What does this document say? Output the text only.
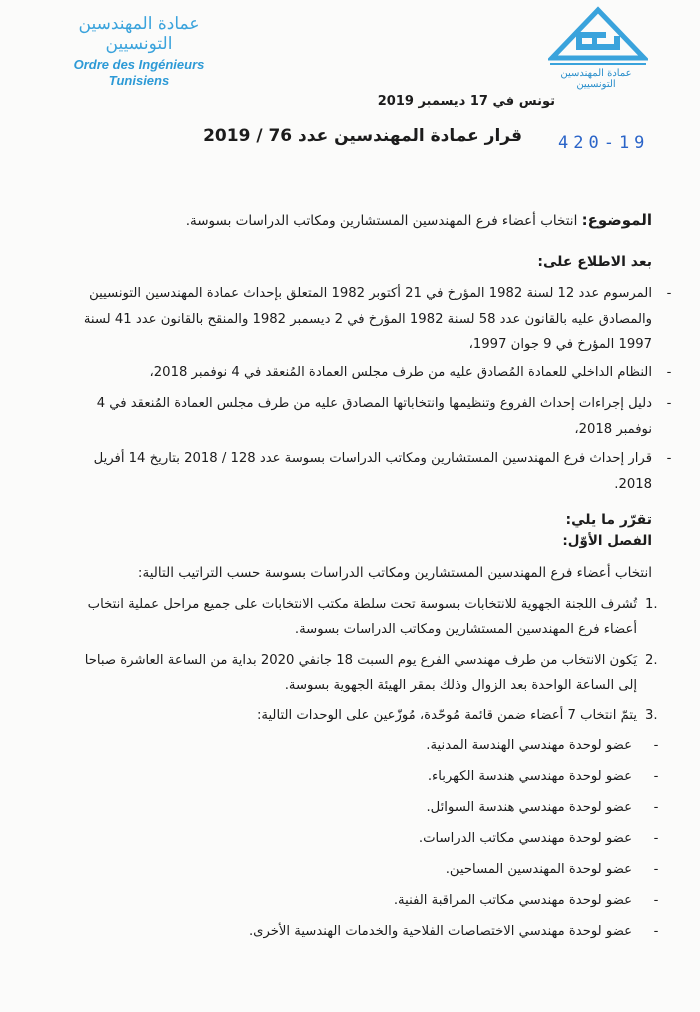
عمادة المهندسين التونسيين
Ordre des Ingénieurs Tunisiens	عمادة المهندسين التونسيين
تونس في 17 ديسمبر 2019
قرار عمادة المهندسين عدد 76 / 2019 420-19
الموضوع: انتخاب أعضاء فرع المهندسين المستشارين ومكاتب الدراسات بسوسة.
بعد الاطلاع على:
-
المرسوم عدد 12 لسنة 1982 المؤرخ في 21 أكتوبر 1982 المتعلق بإحداث عمادة المهندسين التونسيين والمصادق عليه بالقانون عدد 58 لسنة 1982 المؤرخ في 2 ديسمبر 1982 والمنقح بالقانون عدد 41 لسنة 1997 المؤرخ في 9 جوان 1997،
-
النظام الداخلي للعمادة المُصادق عليه من طرف مجلس العمادة المُنعقد في 4 نوفمبر 2018،
-
دليل إجراءات إحداث الفروع وتنظيمها وانتخاباتها المصادق عليه من طرف مجلس العمادة المُنعقد في 4 نوفمبر 2018،
-
قرار إحداث فرع المهندسين المستشارين ومكاتب الدراسات بسوسة عدد 128 / 2018 بتاريخ 14 أفريل 2018.
تقرّر ما يلي:
الفصل الأوّل:
انتخاب أعضاء فرع المهندسين المستشارين ومكاتب الدراسات بسوسة حسب التراتيب التالية:
1.
تُشرف اللجنة الجهوية للانتخابات بسوسة تحت سلطة مكتب الانتخابات على جميع مراحل عملية انتخاب أعضاء فرع المهندسين المستشارين ومكاتب الدراسات بسوسة.
2.
يَكون الانتخاب من طرف مهندسي الفرع يوم السبت 18 جانفي 2020 بداية من الساعة العاشرة صباحا إلى الساعة الواحدة بعد الزوال وذلك بمقر الهيئة الجهوية بسوسة.
3.
يتمّ انتخاب 7 أعضاء ضمن قائمة مُوحّدة، مُوزّعين على الوحدات التالية:
-
عضو لوحدة مهندسي الهندسة المدنية.
-
عضو لوحدة مهندسي هندسة الكهرباء.
-
عضو لوحدة مهندسي هندسة السوائل.
-
عضو لوحدة مهندسي مكاتب الدراسات.
-
عضو لوحدة المهندسين المساحين.
-
عضو لوحدة مهندسي مكاتب المراقبة الفنية.
-
عضو لوحدة مهندسي الاختصاصات الفلاحية والخدمات الهندسية الأخرى.
